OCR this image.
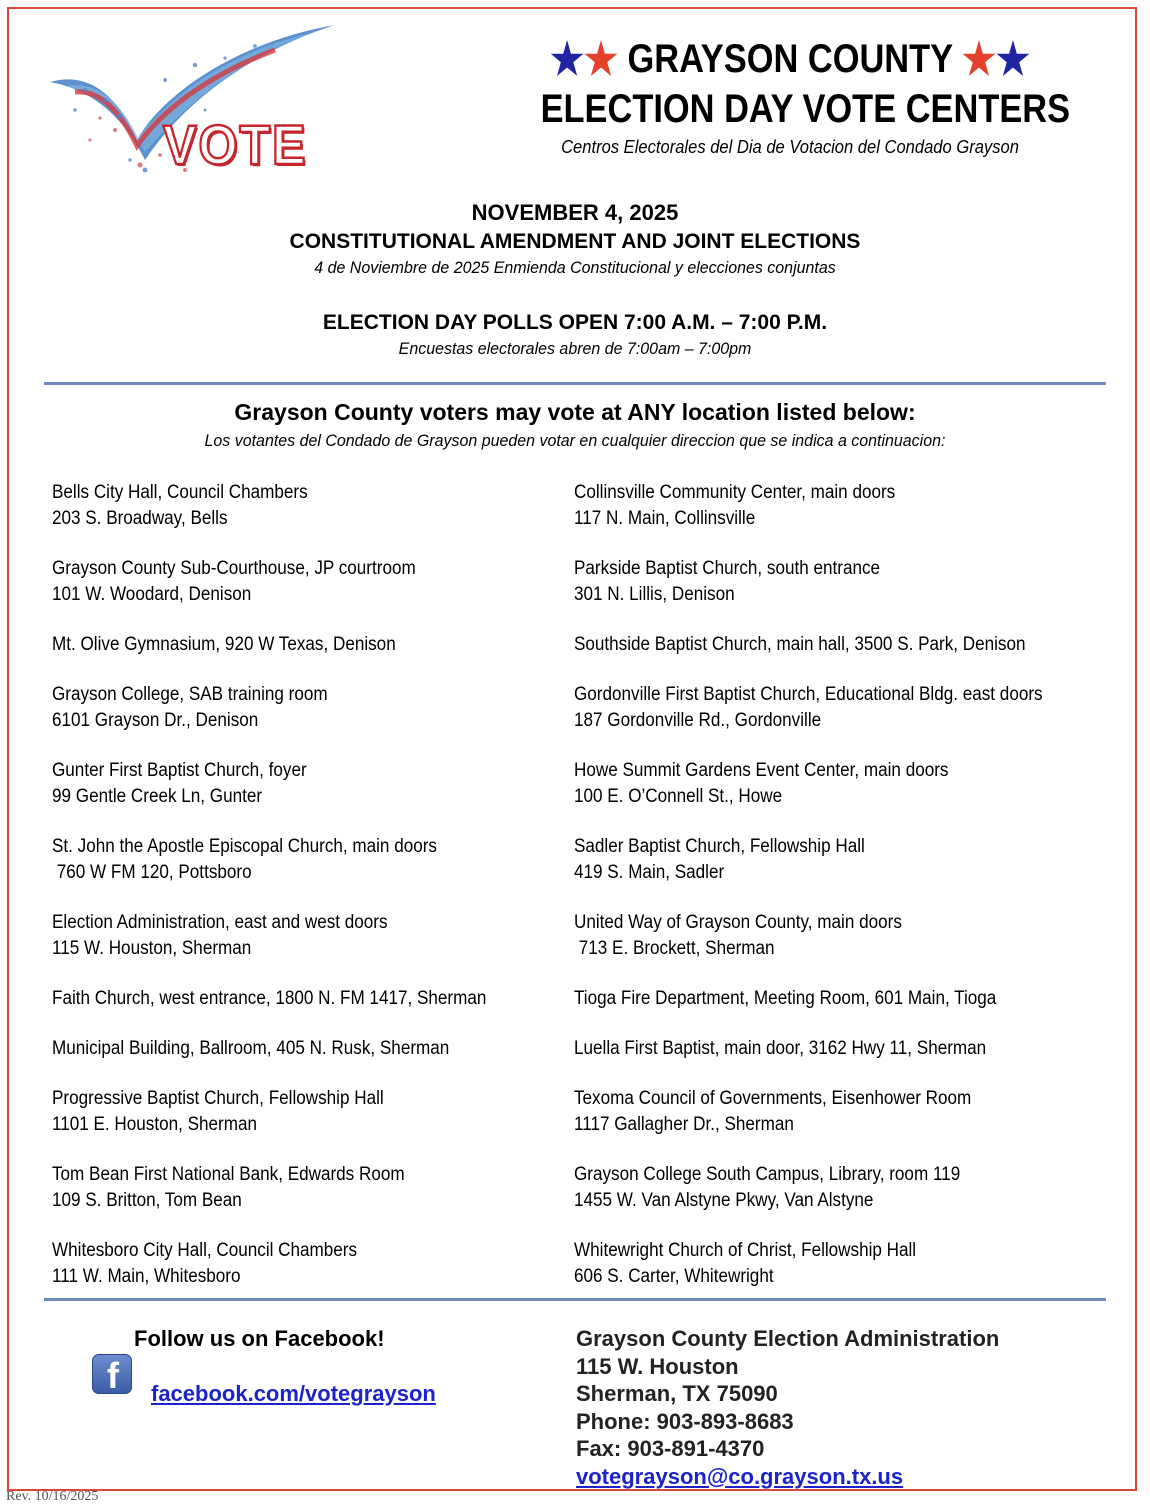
VOTE
★★ GRAYSON COUNTY ★★
ELECTION DAY VOTE CENTERS
Centros Electorales del Dia de Votacion del Condado Grayson
NOVEMBER 4, 2025
CONSTITUTIONAL AMENDMENT AND JOINT ELECTIONS
4 de Noviembre de 2025 Enmienda Constitucional y elecciones conjuntas
ELECTION DAY POLLS OPEN 7:00 A.M. – 7:00 P.M.
Encuestas electorales abren de 7:00am – 7:00pm
Grayson County voters may vote at ANY location listed below:
Los votantes del Condado de Grayson pueden votar en cualquier direccion que se indica a continuacion:
Bells City Hall, Council Chambers
203 S. Broadway, Bells
Grayson County Sub-Courthouse, JP courtroom
101 W. Woodard, Denison
Mt. Olive Gymnasium, 920 W Texas, Denison
Grayson College, SAB training room
6101 Grayson Dr., Denison
Gunter First Baptist Church, foyer
99 Gentle Creek Ln, Gunter
St. John the Apostle Episcopal Church, main doors
760 W FM 120, Pottsboro
Election Administration, east and west doors
115 W. Houston, Sherman
Faith Church, west entrance, 1800 N. FM 1417, Sherman
Municipal Building, Ballroom, 405 N. Rusk, Sherman
Progressive Baptist Church, Fellowship Hall
1101 E. Houston, Sherman
Tom Bean First National Bank, Edwards Room
109 S. Britton, Tom Bean
Whitesboro City Hall, Council Chambers
111 W. Main, Whitesboro
Collinsville Community Center, main doors
117 N. Main, Collinsville
Parkside Baptist Church, south entrance
301 N. Lillis, Denison
Southside Baptist Church, main hall, 3500 S. Park, Denison
Gordonville First Baptist Church, Educational Bldg. east doors
187 Gordonville Rd., Gordonville
Howe Summit Gardens Event Center, main doors
100 E. O’Connell St., Howe
Sadler Baptist Church, Fellowship Hall
419 S. Main, Sadler
United Way of Grayson County, main doors
713 E. Brockett, Sherman
Tioga Fire Department, Meeting Room, 601 Main, Tioga
Luella First Baptist, main door, 3162 Hwy 11, Sherman
Texoma Council of Governments, Eisenhower Room
1117 Gallagher Dr., Sherman
Grayson College South Campus, Library, room 119
1455 W. Van Alstyne Pkwy, Van Alstyne
Whitewright Church of Christ, Fellowship Hall
606 S. Carter, Whitewright
Follow us on Facebook!
f facebook.com/votegrayson
Grayson County Election Administration
115 W. Houston
Sherman, TX 75090
Phone: 903-893-8683
Fax: 903-891-4370
votegrayson@co.grayson.tx.us
Rev. 10/16/2025
